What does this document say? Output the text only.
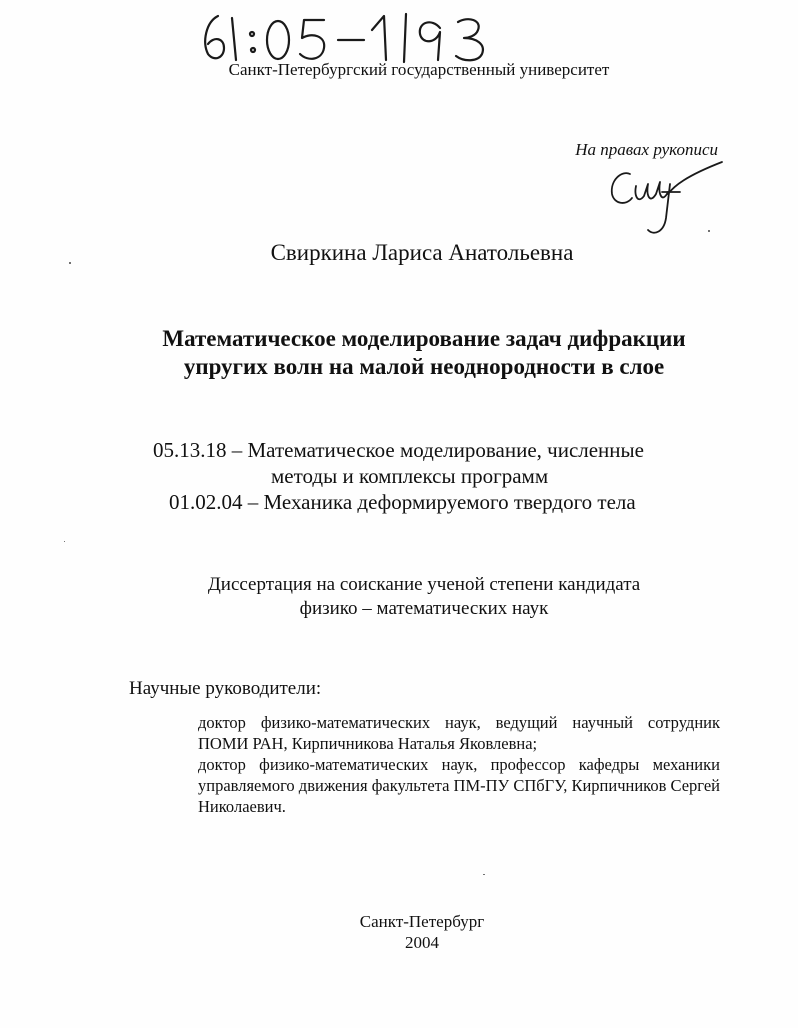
Санкт-Петербургский государственный университет
На правах рукописи
Свиркина Лариса Анатольевна
Математическое моделирование задач дифракции
упругих волн на малой неоднородности в слое
05.13.18 – Математическое моделирование, численные
методы и комплексы программ
01.02.04 – Механика деформируемого твердого тела
Диссертация на соискание ученой степени кандидата
физико – математических наук
Научные руководители:

доктор физико-математических наук, ведущий научный сотрудник ПОМИ РАН, Кирпичникова Наталья Яковлевна;

доктор физико-математических наук, профессор кафедры механики управляемого движения факультета ПМ-ПУ СПбГУ, Кирпичников Сергей Николаевич.

Санкт-Петербург
2004
